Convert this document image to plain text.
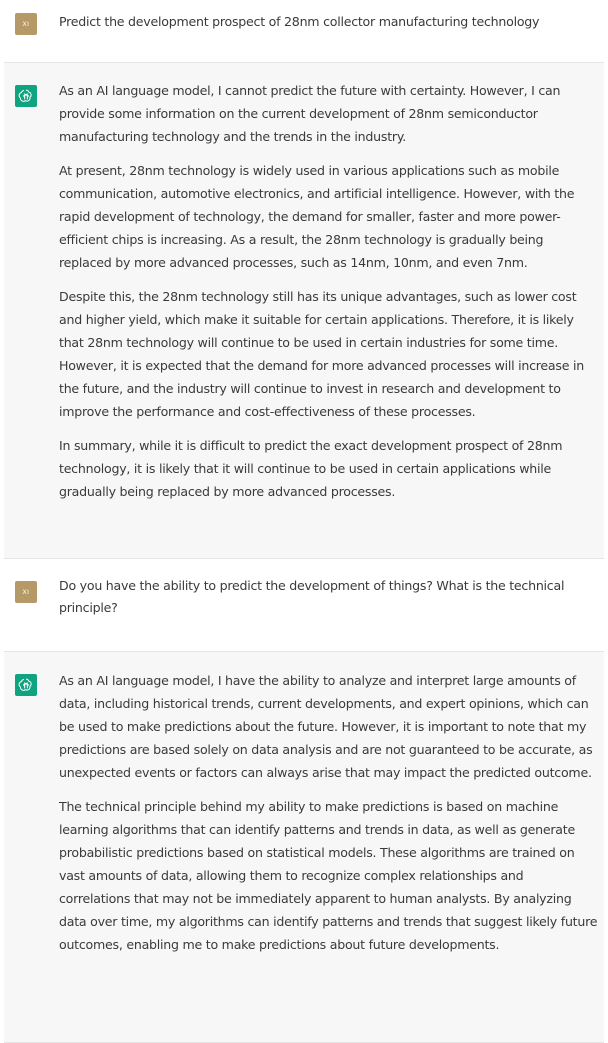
XI Predict the development prospect of 28nm collector manufacturing technology

As an AI language model, I cannot predict the future with certainty. However, I can provide some information on the current development of 28nm semiconductor manufacturing technology and the trends in the industry.

At present, 28nm technology is widely used in various applications such as mobile communication, automotive electronics, and artificial intelligence. However, with the rapid development of technology, the demand for smaller, faster and more power-efficient chips is increasing. As a result, the 28nm technology is gradually being replaced by more advanced processes, such as 14nm, 10nm, and even 7nm.

Despite this, the 28nm technology still has its unique advantages, such as lower cost and higher yield, which make it suitable for certain applications. Therefore, it is likely that 28nm technology will continue to be used in certain industries for some time. However, it is expected that the demand for more advanced processes will increase in the future, and the industry will continue to invest in research and development to improve the performance and cost-effectiveness of these processes.

In summary, while it is difficult to predict the exact development prospect of 28nm technology, it is likely that it will continue to be used in certain applications while gradually being replaced by more advanced processes.

XI Do you have the ability to predict the development of things? What is the technical principle?

As an AI language model, I have the ability to analyze and interpret large amounts of data, including historical trends, current developments, and expert opinions, which can be used to make predictions about the future. However, it is important to note that my predictions are based solely on data analysis and are not guaranteed to be accurate, as unexpected events or factors can always arise that may impact the predicted outcome.

The technical principle behind my ability to make predictions is based on machine learning algorithms that can identify patterns and trends in data, as well as generate probabilistic predictions based on statistical models. These algorithms are trained on vast amounts of data, allowing them to recognize complex relationships and correlations that may not be immediately apparent to human analysts. By analyzing data over time, my algorithms can identify patterns and trends that suggest likely future outcomes, enabling me to make predictions about future developments.
